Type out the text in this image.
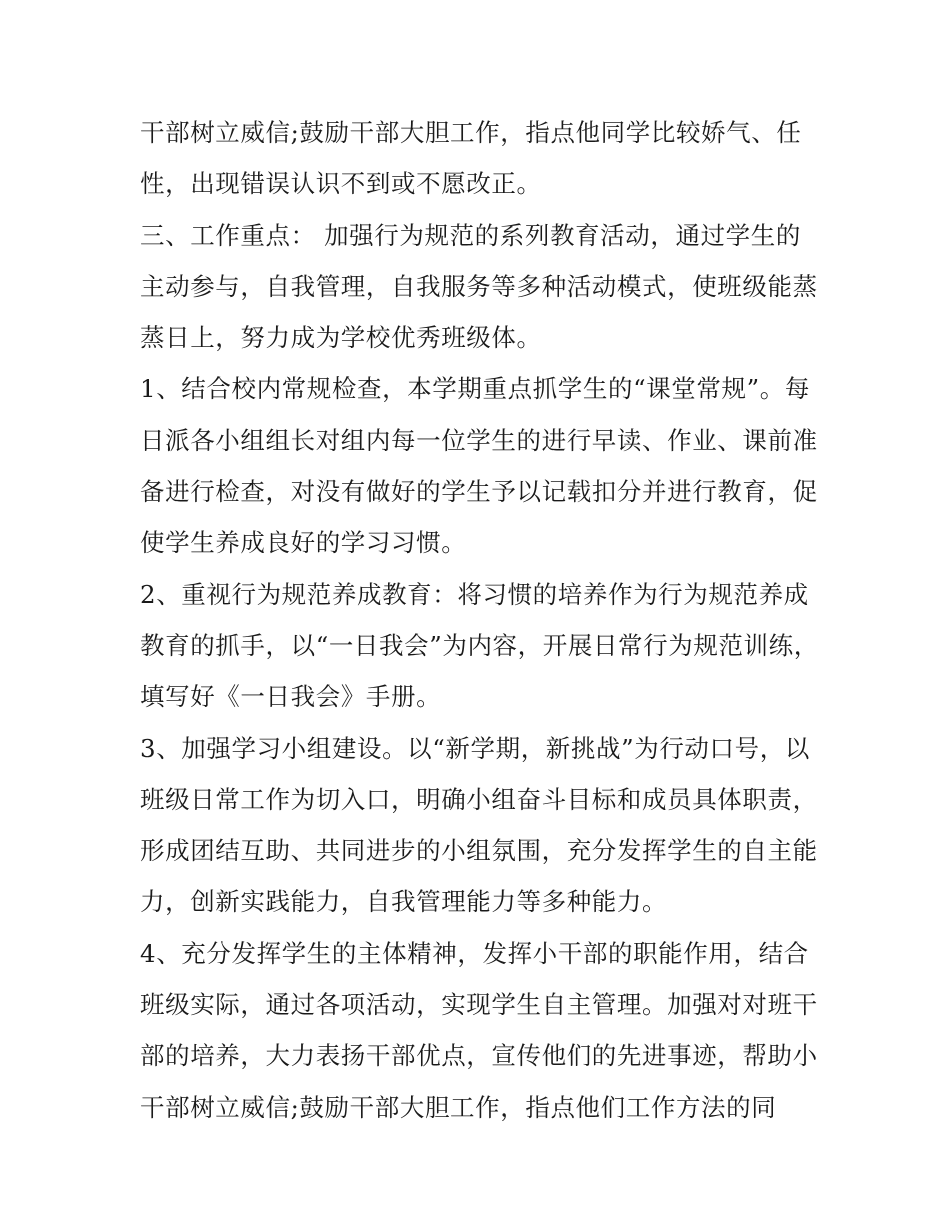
干部树立威信;鼓励干部大胆工作，指点他同学比较娇气、任
性，出现错误认识不到或不愿改正。
三、工作重点： 加强行为规范的系列教育活动，通过学生的
主动参与，自我管理，自我服务等多种活动模式，使班级能蒸
蒸日上，努力成为学校优秀班级体。
1、结合校内常规检查，本学期重点抓学生的“课堂常规”。每
日派各小组组长对组内每一位学生的进行早读、作业、课前准
备进行检查，对没有做好的学生予以记载扣分并进行教育，促
使学生养成良好的学习习惯。
2、重视行为规范养成教育：将习惯的培养作为行为规范养成
教育的抓手，以“一日我会”为内容，开展日常行为规范训练，
填写好《一日我会》手册。
3、加强学习小组建设。以“新学期，新挑战”为行动口号，以
班级日常工作为切入口，明确小组奋斗目标和成员具体职责，
形成团结互助、共同进步的小组氛围，充分发挥学生的自主能
力，创新实践能力，自我管理能力等多种能力。
4、充分发挥学生的主体精神，发挥小干部的职能作用，结合
班级实际，通过各项活动，实现学生自主管理。加强对对班干
部的培养，大力表扬干部优点，宣传他们的先进事迹，帮助小
干部树立威信;鼓励干部大胆工作，指点他们工作方法的同
